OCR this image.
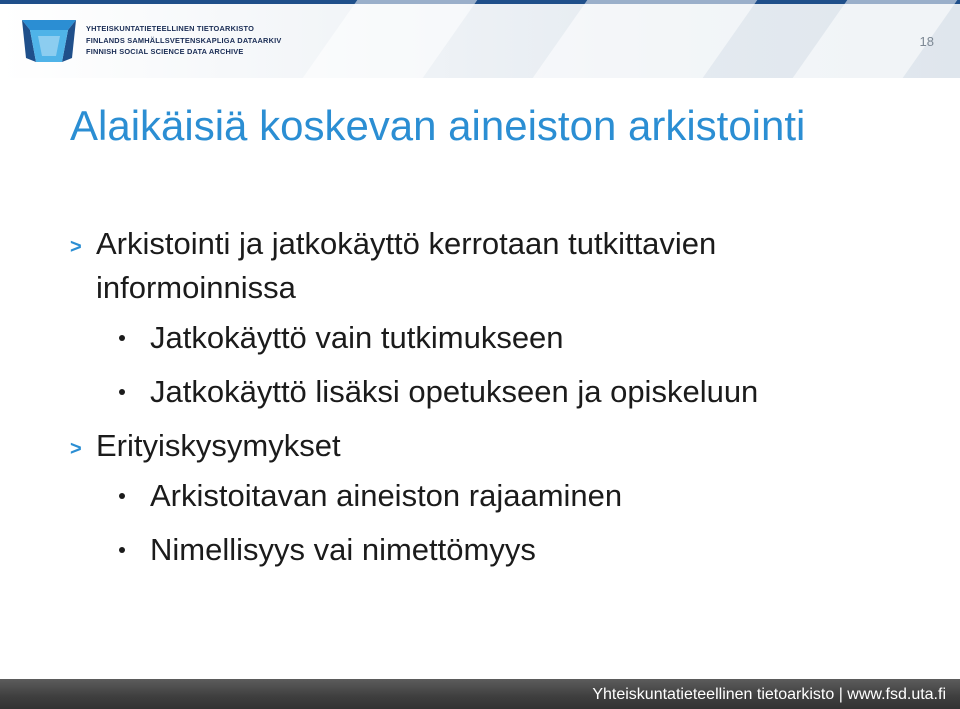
YHTEISKUNTATIETEELLINEN TIETOARKISTO
FINLANDS SAMHÄLLSVETENSKAPLIGA DATAARKIV
FINNISH SOCIAL SCIENCE DATA ARCHIVE
18
Alaikäisiä koskevan aineiston arkistointi

> Arkistointi ja jatkokäyttö kerrotaan tutkittavien informoinnissa

Jatkokäyttö vain tutkimukseen

Jatkokäyttö lisäksi opetukseen ja opiskeluun

> Erityiskysymykset

Arkistoitavan aineiston rajaaminen

Nimellisyys vai nimettömyys

Yhteiskuntatieteellinen tietoarkisto | www.fsd.uta.fi
